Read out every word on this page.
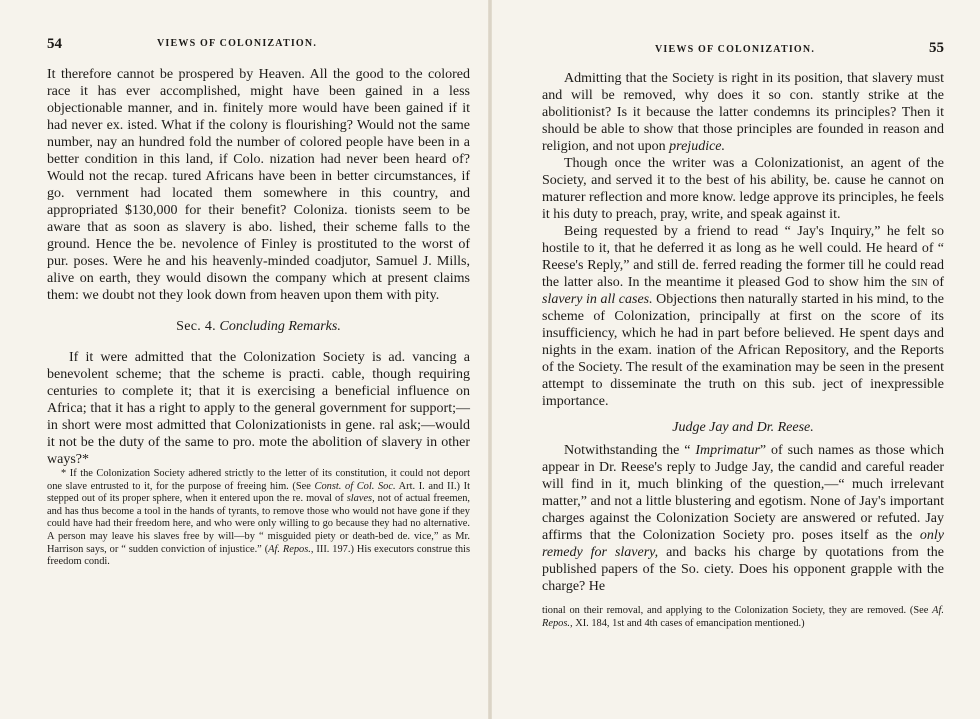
54	VIEWS OF COLONIZATION.

It therefore cannot be prospered by Heaven. All the good to the colored race it has ever accomplished, might have been gained in a less objectionable manner, and in. finitely more would have been gained if it had never ex. isted. What if the colony is flourishing? Would not the same number, nay an hundred fold the number of colored people have been in a better condition in this land, if Colo. nization had never been heard of? Would not the recap. tured Africans have been in better circumstances, if go. vernment had located them somewhere in this country, and appropriated $130,000 for their benefit? Coloniza. tionists seem to be aware that as soon as slavery is abo. lished, their scheme falls to the ground. Hence the be. nevolence of Finley is prostituted to the worst of pur. poses. Were he and his heavenly-minded coadjutor, Samuel J. Mills, alive on earth, they would disown the company which at present claims them: we doubt not they look down from heaven upon them with pity.

Sec. 4. Concluding Remarks.

If it were admitted that the Colonization Society is ad. vancing a benevolent scheme; that the scheme is practi. cable, though requiring centuries to complete it; that it is exercising a beneficial influence on Africa; that it has a right to apply to the general government for support;— in short were most admitted that Colonizationists in gene. ral ask;—would it not be the duty of the same to pro. mote the abolition of slavery in other ways?*

* If the Colonization Society adhered strictly to the letter of its constitution, it could not deport one slave entrusted to it, for the purpose of freeing him. (See Const. of Col. Soc. Art. I. and II.) It stepped out of its proper sphere, when it entered upon the re. moval of slaves, not of actual freemen, and has thus become a tool in the hands of tyrants, to remove those who would not have gone if they could have had their freedom here, and who were only willing to go because they had no alternative. A person may leave his slaves free by will—by “ misguided piety or death-bed de. vice,” as Mr. Harrison says, or “ sudden conviction of injustice.” (Af. Repos., III. 197.) His executors construe this freedom condi.

VIEWS OF COLONIZATION.	55

Admitting that the Society is right in its position, that slavery must and will be removed, why does it so con. stantly strike at the abolitionist? Is it because the latter condemns its principles? Then it should be able to show that those principles are founded in reason and religion, and not upon prejudice.

Though once the writer was a Colonizationist, an agent of the Society, and served it to the best of his ability, be. cause he cannot on maturer reflection and more know. ledge approve its principles, he feels it his duty to preach, pray, write, and speak against it.

Being requested by a friend to read “ Jay's Inquiry,” he felt so hostile to it, that he deferred it as long as he well could. He heard of “ Reese's Reply,” and still de. ferred reading the former till he could read the latter also. In the meantime it pleased God to show him the sin of slavery in all cases. Objections then naturally started in his mind, to the scheme of Colonization, principally at first on the score of its insufficiency, which he had in part before believed. He spent days and nights in the exam. ination of the African Repository, and the Reports of the Society. The result of the examination may be seen in the present attempt to disseminate the truth on this sub. ject of inexpressible importance.

Judge Jay and Dr. Reese.

Notwithstanding the “ Imprimatur” of such names as those which appear in Dr. Reese's reply to Judge Jay, the candid and careful reader will find in it, much blinking of the question,—“ much irrelevant matter,” and not a little blustering and egotism. None of Jay's important charges against the Colonization Society are answered or refuted. Jay affirms that the Colonization Society pro. poses itself as the only remedy for slavery, and backs his charge by quotations from the published papers of the So. ciety. Does his opponent grapple with the charge? He

tional on their removal, and applying to the Colonization Society, they are removed. (See Af. Repos., XI. 184, 1st and 4th cases of emancipation mentioned.)
